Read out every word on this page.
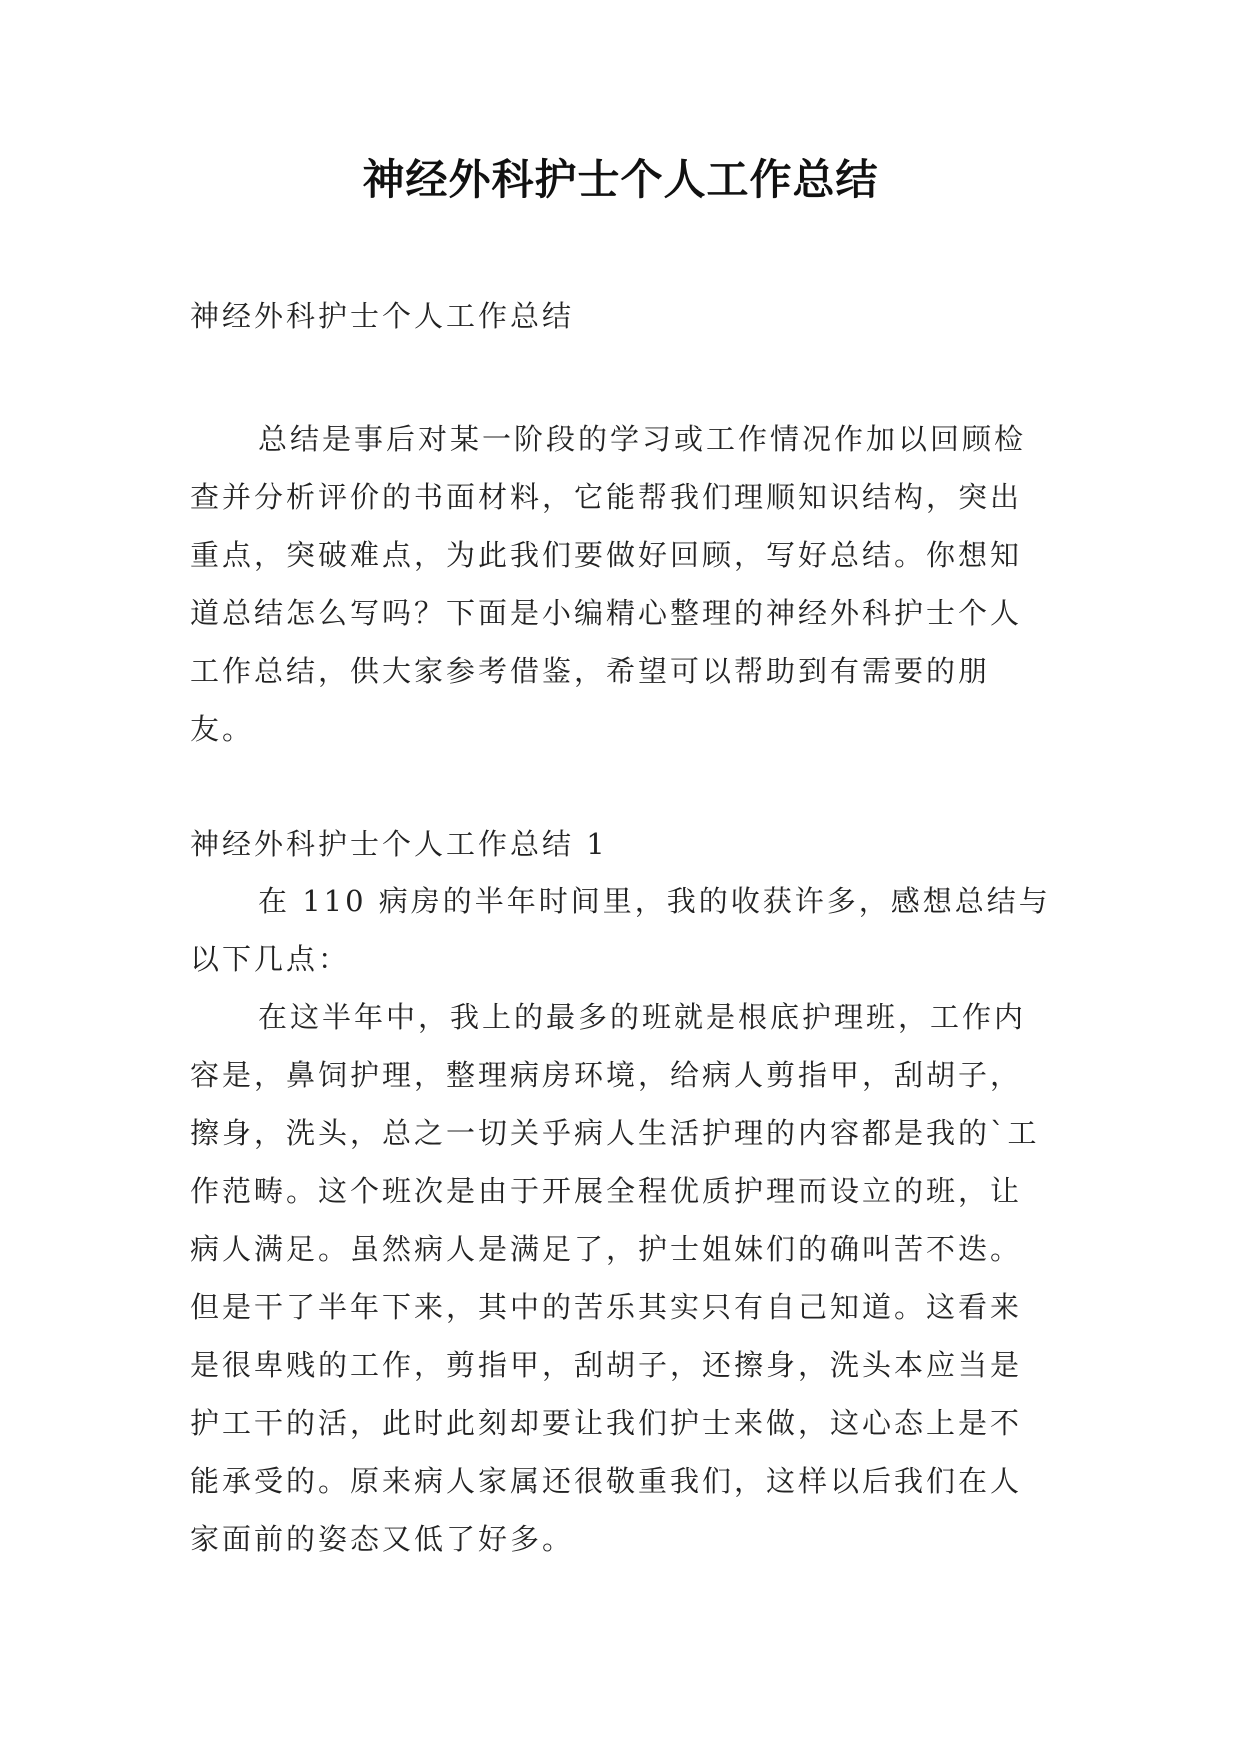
神经外科护士个人工作总结

神经外科护士个人工作总结

总结是事后对某一阶段的学习或工作情况作加以回顾检查并分析评价的书面材料，它能帮我们理顺知识结构，突出重点，突破难点，为此我们要做好回顾，写好总结。你想知道总结怎么写吗？下面是小编精心整理的神经外科护士个人工作总结，供大家参考借鉴，希望可以帮助到有需要的朋友。

神经外科护士个人工作总结 1

在 110 病房的半年时间里，我的收获许多，感想总结与以下几点：

在这半年中，我上的最多的班就是根底护理班，工作内容是，鼻饲护理，整理病房环境，给病人剪指甲，刮胡子，擦身，洗头，总之一切关乎病人生活护理的内容都是我的`工作范畴。这个班次是由于开展全程优质护理而设立的班，让病人满足。虽然病人是满足了，护士姐妹们的确叫苦不迭。但是干了半年下来，其中的苦乐其实只有自己知道。这看来是很卑贱的工作，剪指甲，刮胡子，还擦身，洗头本应当是护工干的活，此时此刻却要让我们护士来做，这心态上是不能承受的。原来病人家属还很敬重我们，这样以后我们在人家面前的姿态又低了好多。
